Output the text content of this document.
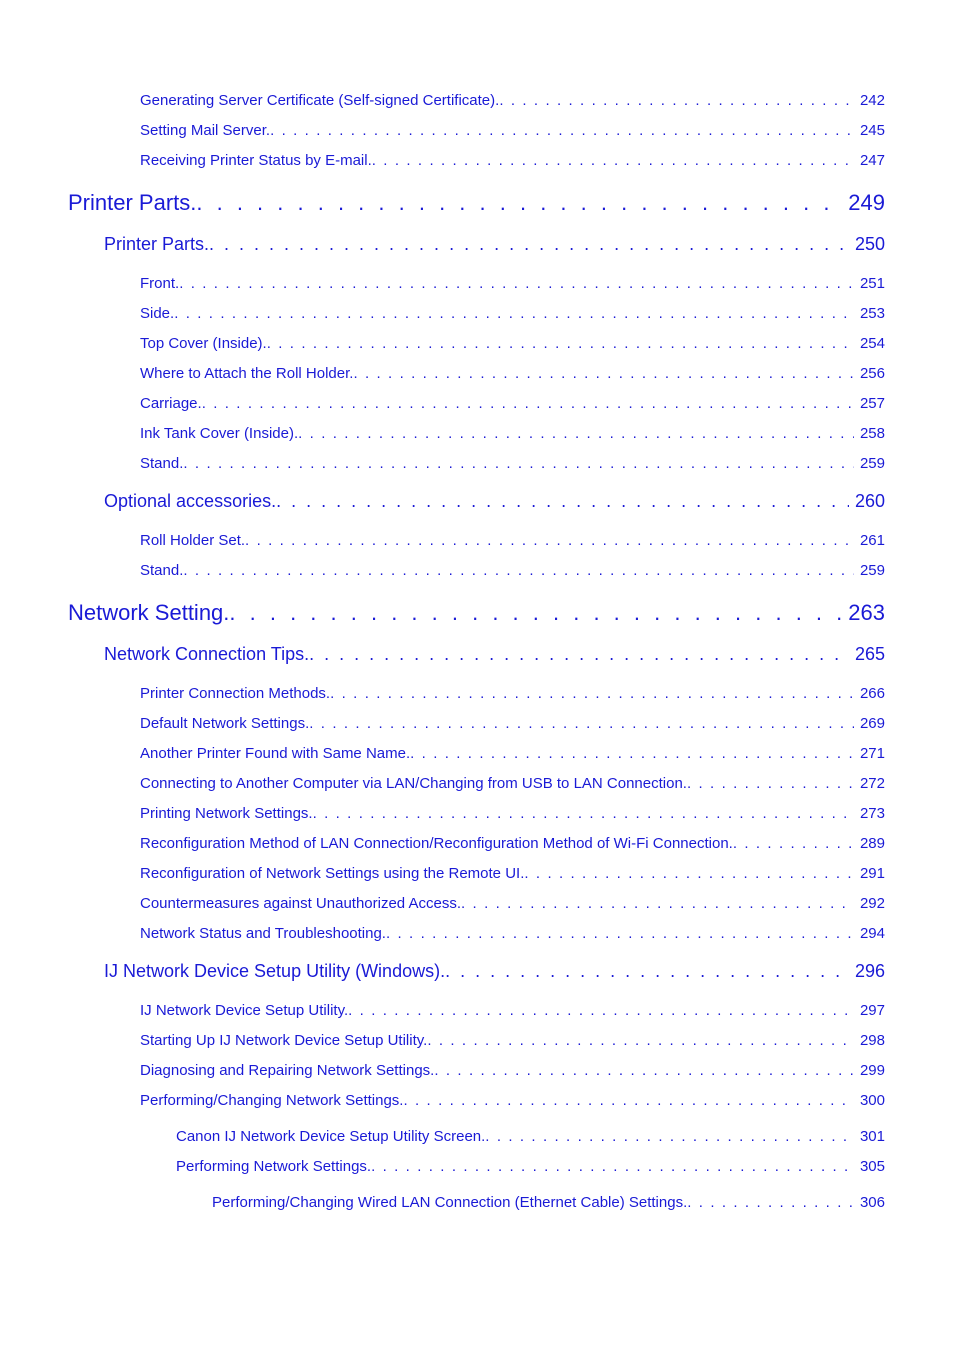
Generating Server Certificate (Self-signed Certificate). . . .	242
Setting Mail Server. . . .	245
Receiving Printer Status by E-mail. . . .	247
Printer Parts. . . .	249
Printer Parts. . . .	250
Front. . . .	251
Side. . . .	253
Top Cover (Inside). . . .	254
Where to Attach the Roll Holder. . . .	256
Carriage. . . .	257
Ink Tank Cover (Inside). . . .	258
Stand. . . .	259
Optional accessories. . . .	260
Roll Holder Set. . . .	261
Stand. . . .	259
Network Setting. . . .	263
Network Connection Tips. . . .	265
Printer Connection Methods. . . .	266
Default Network Settings. . . .	269
Another Printer Found with Same Name. . . .	271
Connecting to Another Computer via LAN/Changing from USB to LAN Connection. . . .	272
Printing Network Settings. . . .	273
Reconfiguration Method of LAN Connection/Reconfiguration Method of Wi-Fi Connection. . . .	289
Reconfiguration of Network Settings using the Remote UI. . . .	291
Countermeasures against Unauthorized Access. . . .	292
Network Status and Troubleshooting. . . .	294
IJ Network Device Setup Utility (Windows). . . .	296
IJ Network Device Setup Utility. . . .	297
Starting Up IJ Network Device Setup Utility. . . .	298
Diagnosing and Repairing Network Settings. . . .	299
Performing/Changing Network Settings. . . .	300
Canon IJ Network Device Setup Utility Screen. . . .	301
Performing Network Settings. . . .	305
Performing/Changing Wired LAN Connection (Ethernet Cable) Settings. . . .	306
